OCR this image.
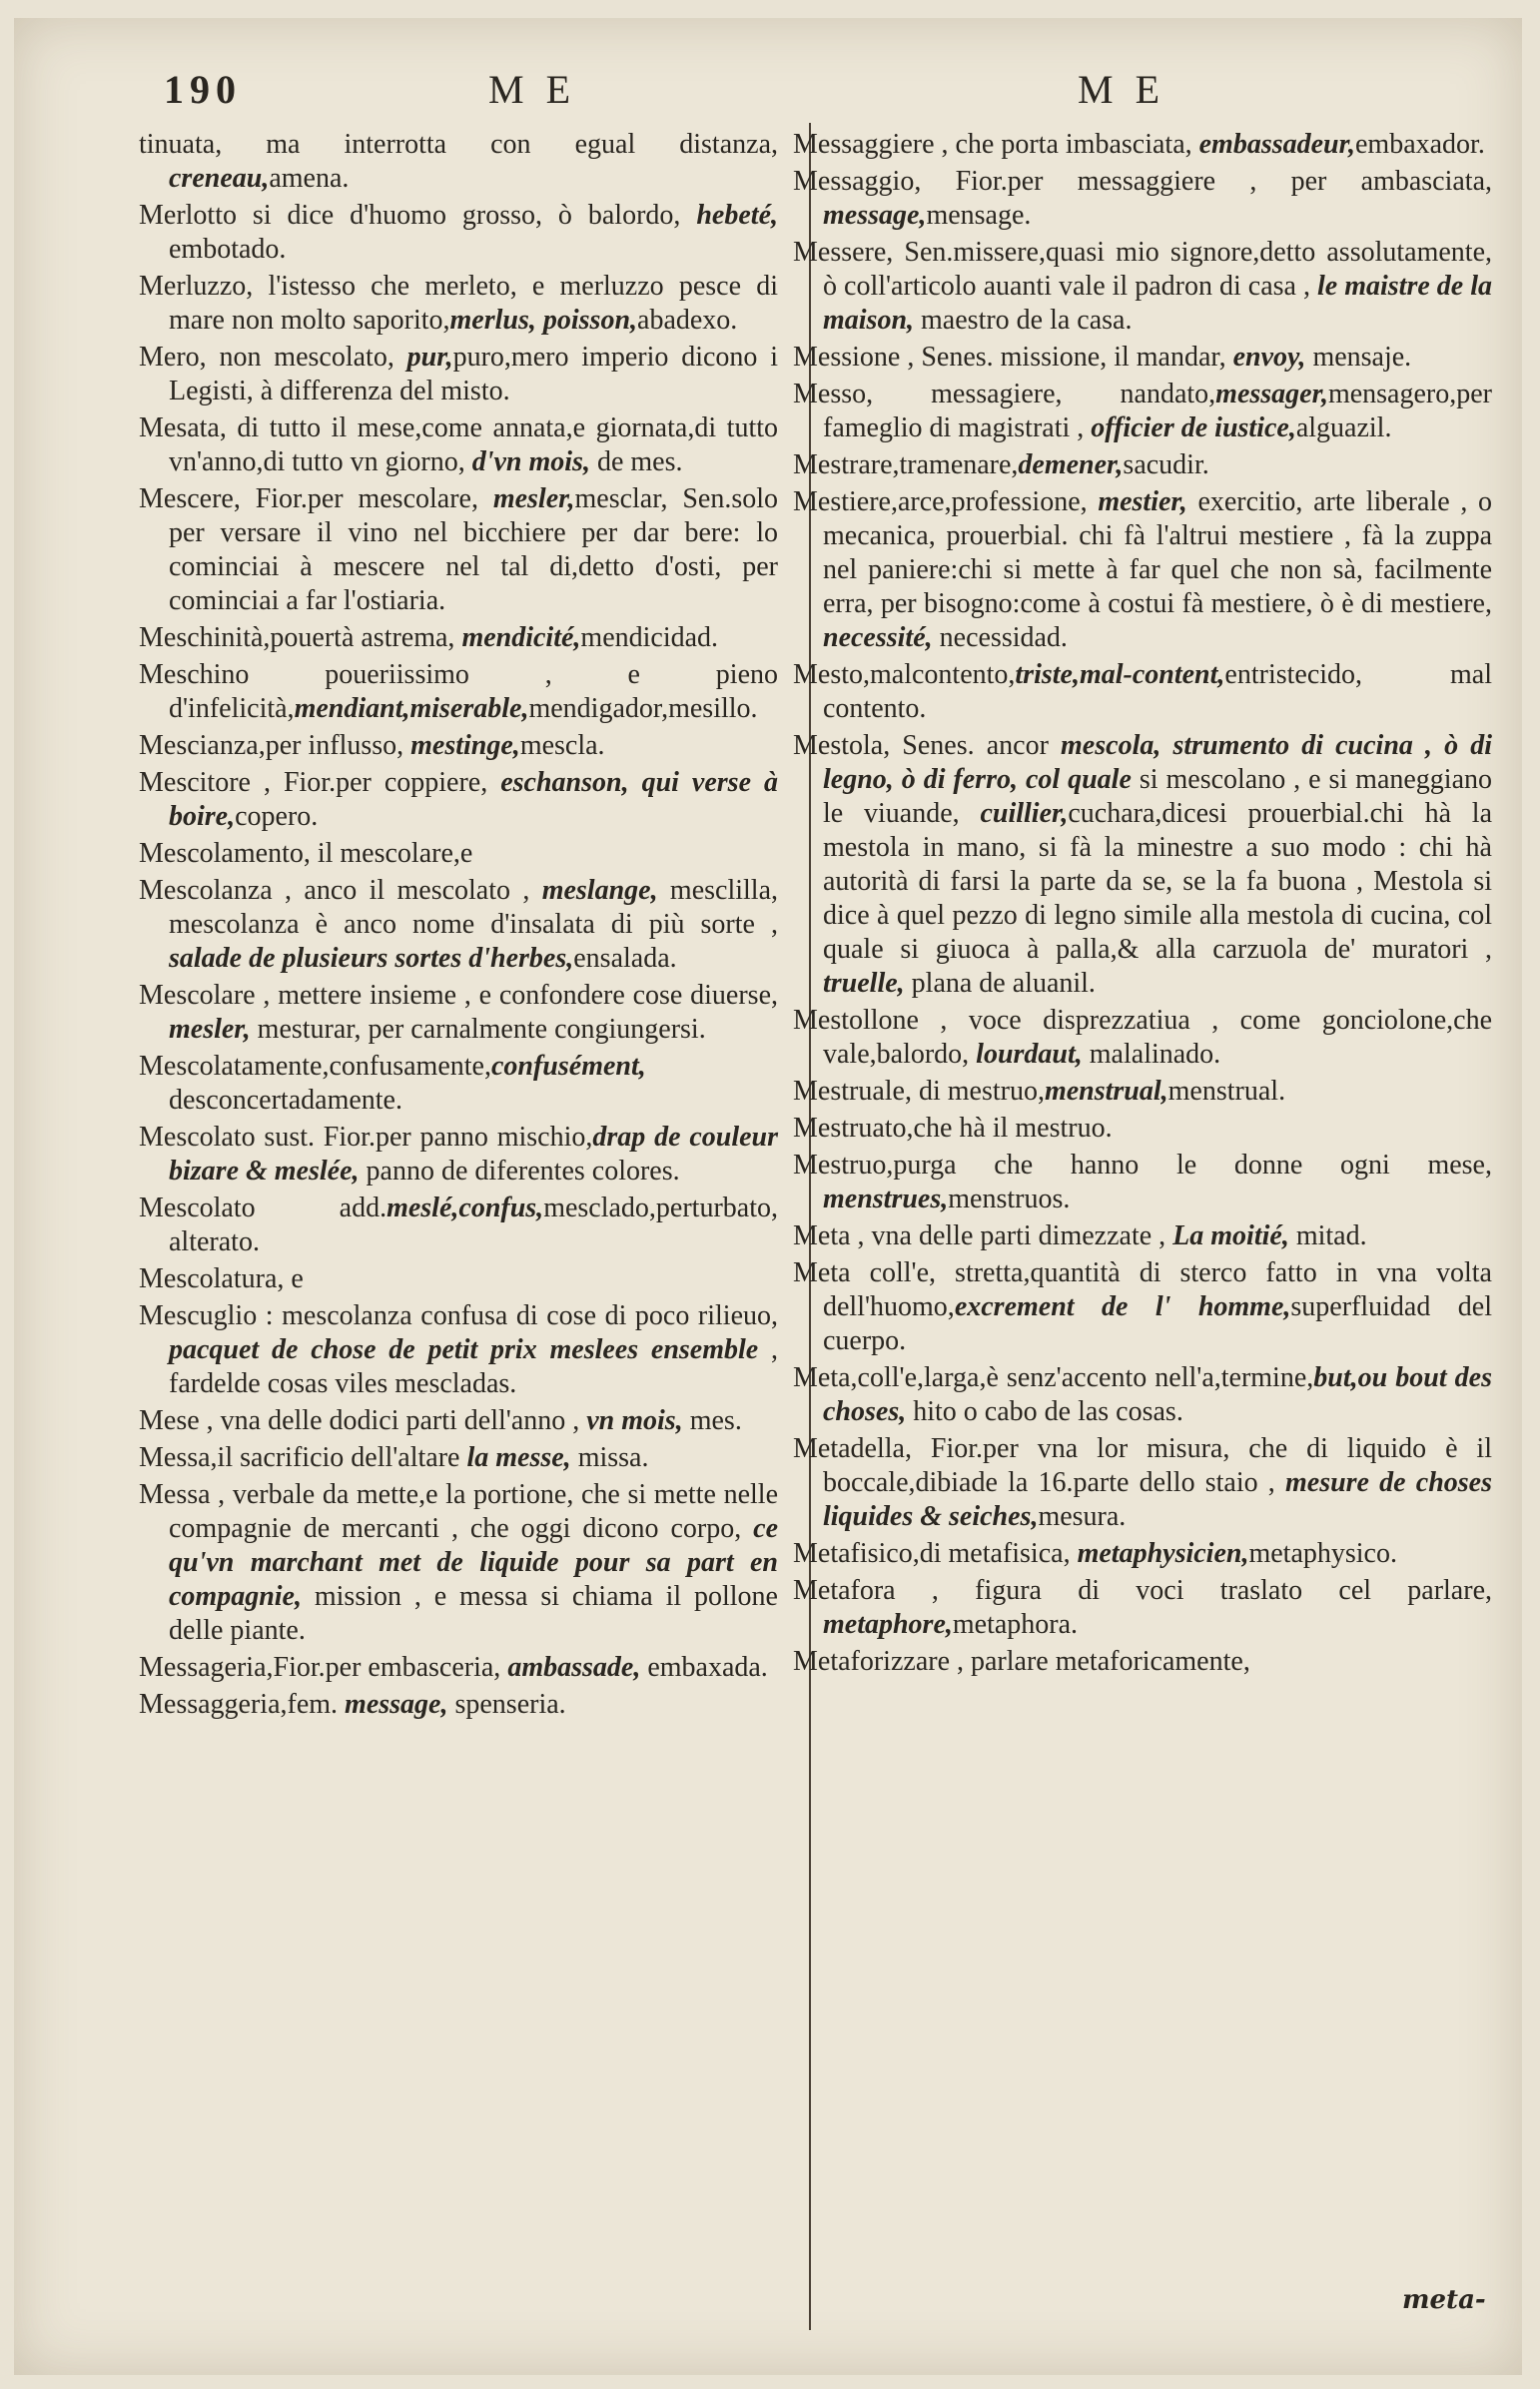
190	M E	M E

tinuata, ma interrotta con egual distanza, creneau,amena.

Merlotto si dice d'huomo grosso, ò balordo, hebeté, embotado.

Merluzzo, l'istesso che merleto, e merluzzo pesce di mare non molto saporito,merlus, poisson,abadexo.

Mero, non mescolato, pur,puro,mero imperio dicono i Legisti, à differenza del misto.

Mesata, di tutto il mese,come annata,e giornata,di tutto vn'anno,di tutto vn giorno, d'vn mois, de mes.

Mescere, Fior.per mescolare, mesler,mesclar, Sen.solo per versare il vino nel bicchiere per dar bere: lo cominciai à mescere nel tal di,detto d'osti, per cominciai a far l'ostiaria.

Meschinità,pouertà astrema, mendicité,mendicidad.

Meschino poueriissimo , e pieno d'infelicità,mendiant,miserable,mendigador,mesillo.

Mescianza,per influsso, mestinge,mescla.

Mescitore , Fior.per coppiere, eschanson, qui verse à boire,copero.

Mescolamento, il mescolare,e

Mescolanza , anco il mescolato , meslange, mesclilla, mescolanza è anco nome d'insalata di più sorte , salade de plusieurs sortes d'herbes,ensalada.

Mescolare , mettere insieme , e confondere cose diuerse, mesler, mesturar, per carnalmente congiungersi.

Mescolatamente,confusamente,confusément, desconcertadamente.

Mescolato sust. Fior.per panno mischio,drap de couleur bizare & meslée, panno de diferentes colores.

Mescolato add.meslé,confus,mesclado,perturbato, alterato.

Mescolatura, e

Mescuglio : mescolanza confusa di cose di poco rilieuo, pacquet de chose de petit prix meslees ensemble , fardelde cosas viles mescladas.

Mese , vna delle dodici parti dell'anno , vn mois, mes.

Messa,il sacrificio dell'altare la messe, missa.

Messa , verbale da mette,e la portione, che si mette nelle compagnie de mercanti , che oggi dicono corpo, ce qu'vn marchant met de liquide pour sa part en compagnie, mission , e messa si chiama il pollone delle piante.

Messageria,Fior.per embasceria, ambassade, embaxada.

Messaggeria,fem. message, spenseria.

Messaggiere , che porta imbasciata, embassadeur,embaxador.

Messaggio, Fior.per messaggiere , per ambasciata, message,mensage.

Messere, Sen.missere,quasi mio signore,detto assolutamente, ò coll'articolo auanti vale il padron di casa , le maistre de la maison, maestro de la casa.

Messione , Senes. missione, il mandar, envoy, mensaje.

Messo, messagiere, nandato,messager,mensagero,per fameglio di magistrati , officier de iustice,alguazil.

Mestrare,tramenare,demener,sacudir.

Mestiere,arce,professione, mestier, exercitio, arte liberale , o mecanica, prouerbial. chi fà l'altrui mestiere , fà la zuppa nel paniere:chi si mette à far quel che non sà, facilmente erra, per bisogno:come à costui fà mestiere, ò è di mestiere, necessité, necessidad.

Mesto,malcontento,triste,mal-content,entristecido, mal contento.

Mestola, Senes. ancor mescola, strumento di cucina , ò di legno, ò di ferro, col quale si mescolano , e si maneggiano le viuande, cuillier,cuchara,dicesi prouerbial.chi hà la mestola in mano, si fà la minestre a suo modo : chi hà autorità di farsi la parte da se, se la fa buona , Mestola si dice à quel pezzo di legno simile alla mestola di cucina, col quale si giuoca à palla,& alla carzuola de' muratori , truelle, plana de aluanil.

Mestollone , voce disprezzatiua , come gonciolone,che vale,balordo, lourdaut, malalinado.

Mestruale, di mestruo,menstrual,menstrual.

Mestruato,che hà il mestruo.

Mestruo,purga che hanno le donne ogni mese, menstrues,menstruos.

Meta , vna delle parti dimezzate , La moitié, mitad.

Meta coll'e, stretta,quantità di sterco fatto in vna volta dell'huomo,excrement de l' homme,superfluidad del cuerpo.

Meta,coll'e,larga,è senz'accento nell'a,termine,but,ou bout des choses, hito o cabo de las cosas.

Metadella, Fior.per vna lor misura, che di liquido è il boccale,dibiade la 16.parte dello staio , mesure de choses liquides & seiches,mesura.

Metafisico,di metafisica, metaphysicien,metaphysico.

Metafora , figura di voci traslato cel parlare, metaphore,metaphora.

Metaforizzare , parlare metaforicamente,

meta-
